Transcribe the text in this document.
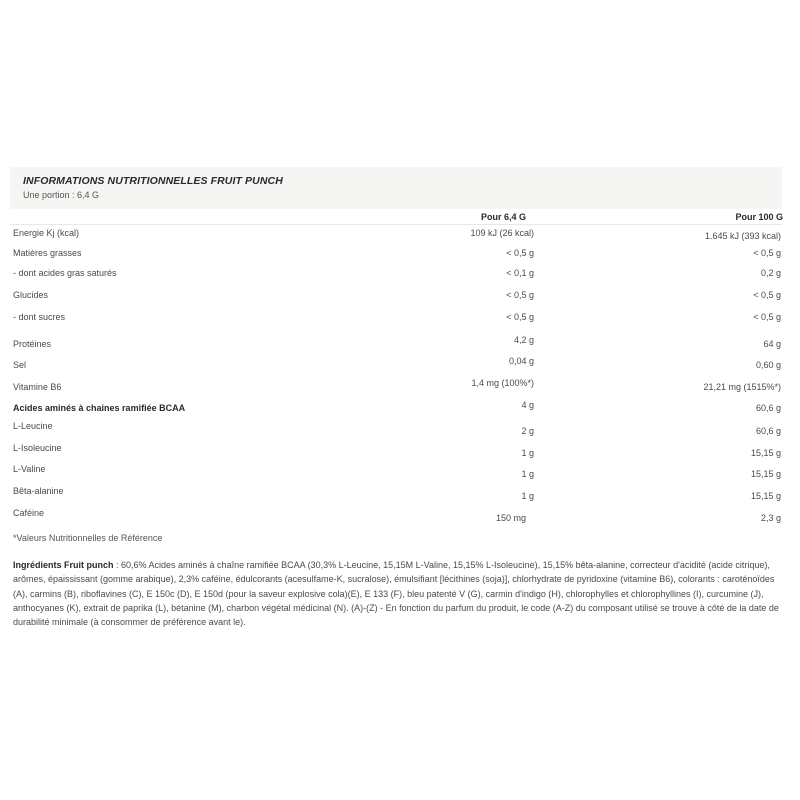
INFORMATIONS NUTRITIONNELLES FRUIT PUNCH
Une portion : 6,4 G
Pour 6,4 G	Pour 100 G
Energie Kj (kcal)	109 kJ (26 kcal)	1.645 kJ (393 kcal)
Matières grasses	< 0,5 g	< 0,5 g
- dont acides gras saturés	< 0,1 g	0,2 g
Glucides	< 0,5 g	< 0,5 g
- dont sucres	< 0,5 g	< 0,5 g
Protéines	4,2 g	64 g
Sel	0,04 g	0,60 g
Vitamine B6	1,4 mg (100%*)	21,21 mg (1515%*)
Acides aminés à chaines ramifiée BCAA	4 g	60,6 g
L-Leucine	2 g	60,6 g
L-Isoleucine	1 g	15,15 g
L-Valine	1 g	15,15 g
Bêta-alanine	1 g	15,15 g
Caféine	150 mg	2,3 g
*Valeurs Nutritionnelles de Référence
Ingrédients Fruit punch : 60,6% Acides aminés à chaîne ramifiée BCAA (30,3% L-Leucine, 15,15M L-Valine, 15,15% L-Isoleucine), 15,15% bêta-alanine, correcteur d'acidité (acide citrique), arômes, épaississant (gomme arabique), 2,3% caféine, édulcorants (acesulfame-K, sucralose), émulsifiant [lécithines (soja)], chlorhydrate de pyridoxine (vitamine B6), colorants : caroténoïdes (A), carmins (B), riboflavines (C), E 150c (D), E 150d (pour la saveur explosive cola)(E), E 133 (F), bleu patenté V (G), carmin d'indigo (H), chlorophylles et chlorophyllines (I), curcumine (J), anthocyanes (K), extrait de paprika (L), bétanine (M), charbon végétal médicinal (N). (A)-(Z) - En fonction du parfum du produit, le code (A-Z) du composant utilisé se trouve à côté de la date de durabilité minimale (à consommer de préférence avant le).
